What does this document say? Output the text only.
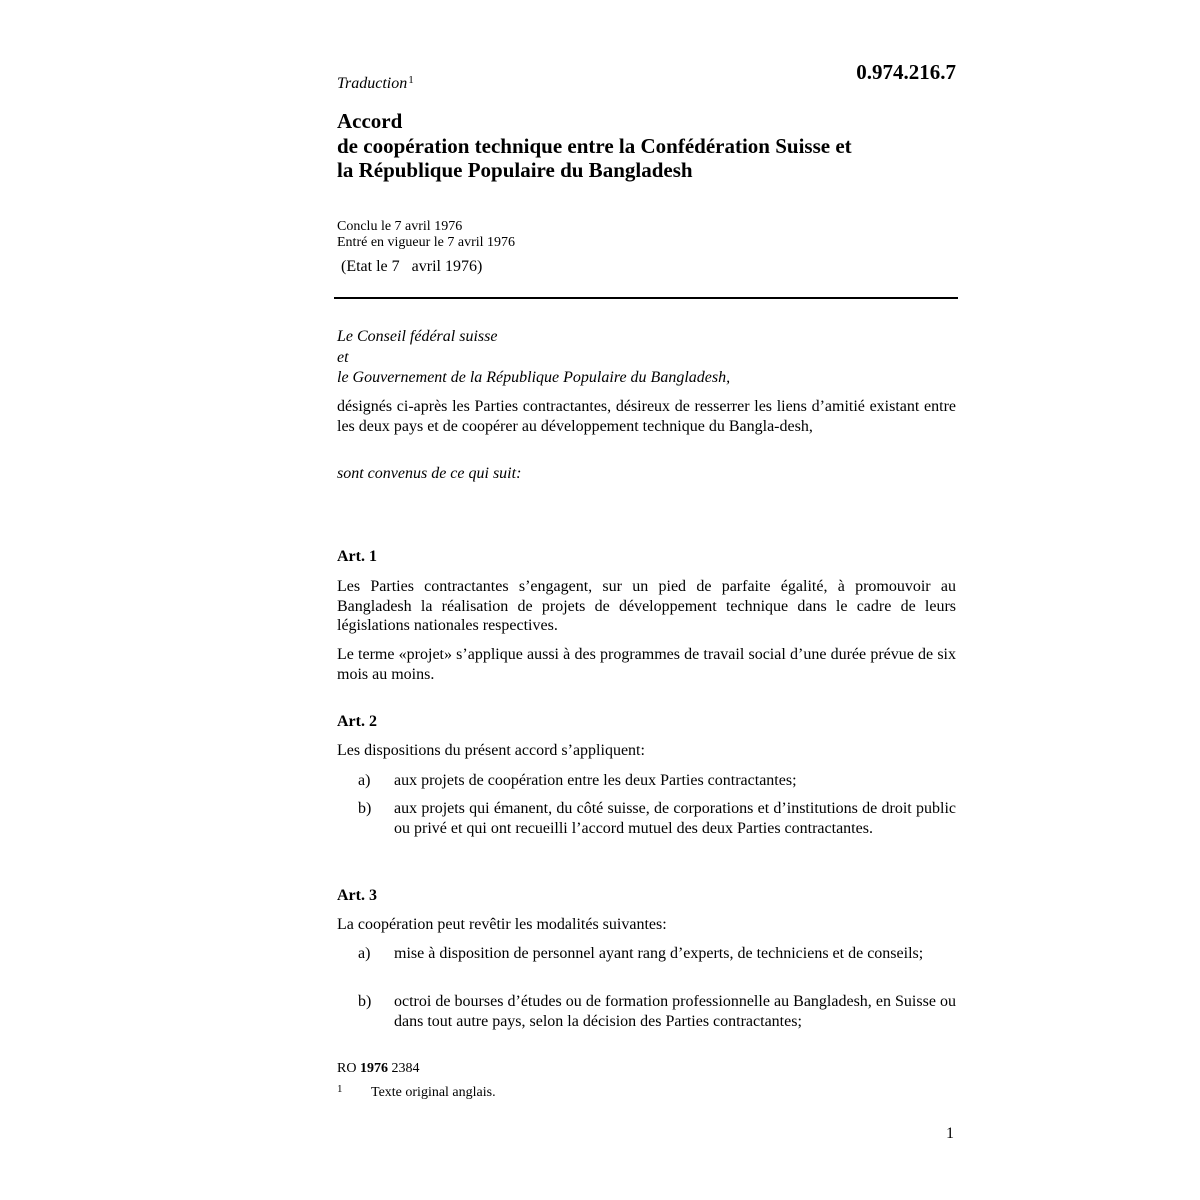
Traduction$^1$	0.974.216.7
Accord
de coopération technique entre la Confédération Suisse et
la République Populaire du Bangladesh
Conclu le 7 avril 1976
Entré en vigueur le 7 avril 1976
(Etat le 7   avril 1976)
Le Conseil fédéral suisse
et
le Gouvernement de la République Populaire du Bangladesh,
désignés ci-après les Parties contractantes, désireux de resserrer les liens d’amitié existant entre les deux pays et de coopérer au développement technique du Bangla-desh,
sont convenus de ce qui suit:
Art. 1
Les Parties contractantes s’engagent, sur un pied de parfaite égalité, à promouvoir au Bangladesh la réalisation de projets de développement technique dans le cadre de leurs législations nationales respectives.
Le terme «projet» s’applique aussi à des programmes de travail social d’une durée prévue de six mois au moins.
Art. 2
Les dispositions du présent accord s’appliquent:
a) aux projets de coopération entre les deux Parties contractantes;
b) aux projets qui émanent, du côté suisse, de corporations et d’institutions de droit public ou privé et qui ont recueilli l’accord mutuel des deux Parties contractantes.
Art. 3
La coopération peut revêtir les modalités suivantes:
a) mise à disposition de personnel ayant rang d’experts, de techniciens et de conseils;
b) octroi de bourses d’études ou de formation professionnelle au Bangladesh, en Suisse ou dans tout autre pays, selon la décision des Parties contractantes;
RO 1976 2384
1 Texte original anglais.
1
